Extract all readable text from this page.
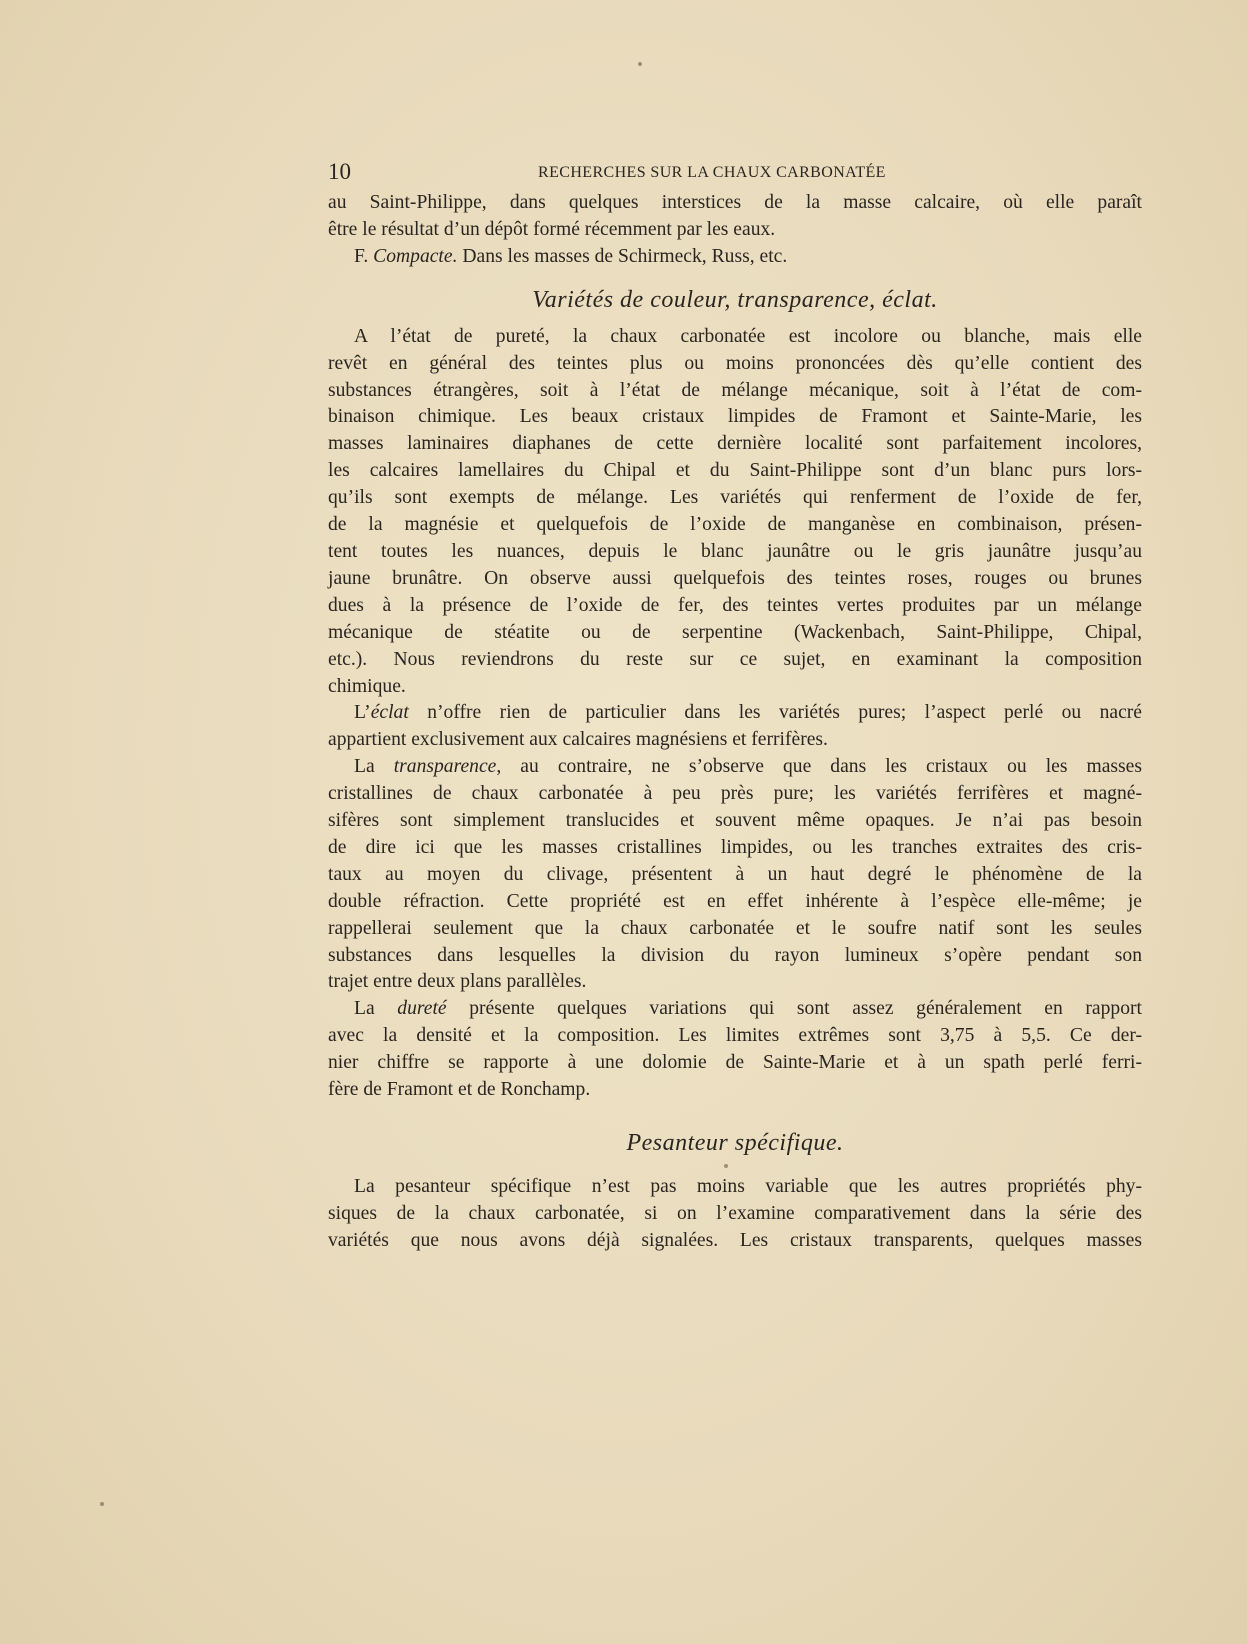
10	RECHERCHES SUR LA CHAUX CARBONATÉE
au Saint-Philippe, dans quelques interstices de la masse calcaire, où elle paraît
être le résultat d’un dépôt formé récemment par les eaux.
F. Compacte. Dans les masses de Schirmeck, Russ, etc.
Variétés de couleur, transparence, éclat.
A l’état de pureté, la chaux carbonatée est incolore ou blanche, mais elle
revêt en général des teintes plus ou moins prononcées dès qu’elle contient des
substances étrangères, soit à l’état de mélange mécanique, soit à l’état de com-
binaison chimique. Les beaux cristaux limpides de Framont et Sainte-Marie, les
masses laminaires diaphanes de cette dernière localité sont parfaitement incolores,
les calcaires lamellaires du Chipal et du Saint-Philippe sont d’un blanc purs lors-
qu’ils sont exempts de mélange. Les variétés qui renferment de l’oxide de fer,
de la magnésie et quelquefois de l’oxide de manganèse en combinaison, présen-
tent toutes les nuances, depuis le blanc jaunâtre ou le gris jaunâtre jusqu’au
jaune brunâtre. On observe aussi quelquefois des teintes roses, rouges ou brunes
dues à la présence de l’oxide de fer, des teintes vertes produites par un mélange
mécanique de stéatite ou de serpentine (Wackenbach, Saint-Philippe, Chipal,
etc.). Nous reviendrons du reste sur ce sujet, en examinant la composition
chimique.
L’éclat n’offre rien de particulier dans les variétés pures; l’aspect perlé ou nacré
appartient exclusivement aux calcaires magnésiens et ferrifères.
La transparence, au contraire, ne s’observe que dans les cristaux ou les masses
cristallines de chaux carbonatée à peu près pure; les variétés ferrifères et magné-
sifères sont simplement translucides et souvent même opaques. Je n’ai pas besoin
de dire ici que les masses cristallines limpides, ou les tranches extraites des cris-
taux au moyen du clivage, présentent à un haut degré le phénomène de la
double réfraction. Cette propriété est en effet inhérente à l’espèce elle-même; je
rappellerai seulement que la chaux carbonatée et le soufre natif sont les seules
substances dans lesquelles la division du rayon lumineux s’opère pendant son
trajet entre deux plans parallèles.
La dureté présente quelques variations qui sont assez généralement en rapport
avec la densité et la composition. Les limites extrêmes sont 3,75 à 5,5. Ce der-
nier chiffre se rapporte à une dolomie de Sainte-Marie et à un spath perlé ferri-
fère de Framont et de Ronchamp.
Pesanteur spécifique.
La pesanteur spécifique n’est pas moins variable que les autres propriétés phy-
siques de la chaux carbonatée, si on l’examine comparativement dans la série des
variétés que nous avons déjà signalées. Les cristaux transparents, quelques masses
